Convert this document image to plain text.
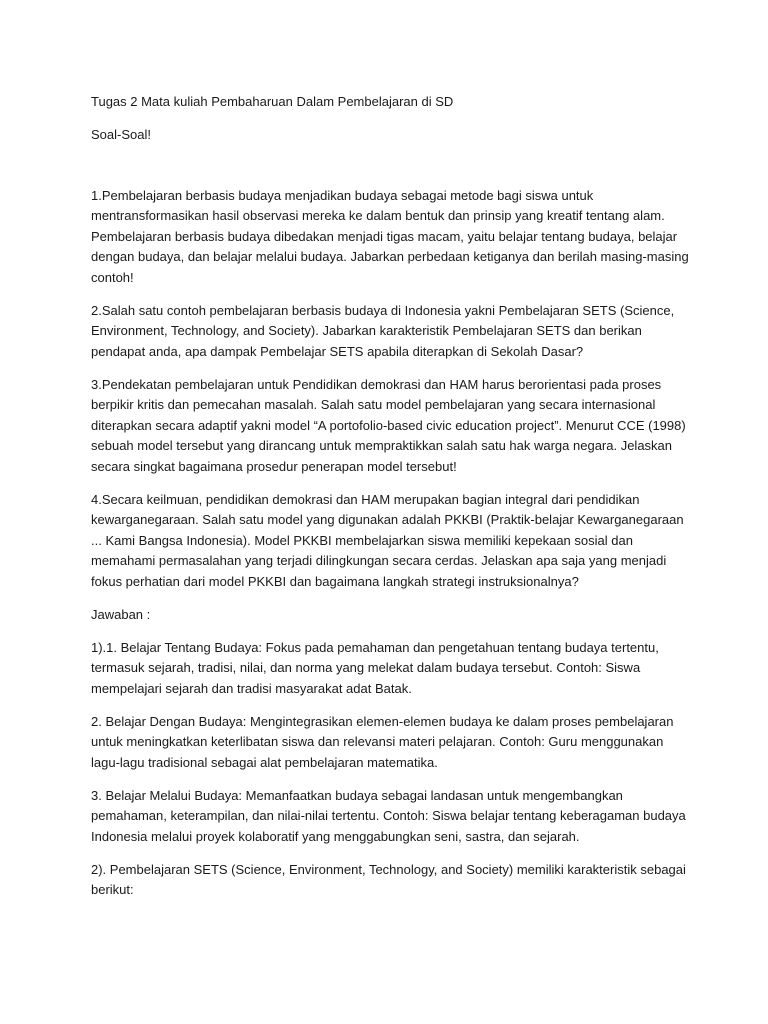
Tugas 2 Mata kuliah Pembaharuan Dalam Pembelajaran di SD

Soal-Soal!

1.Pembelajaran berbasis budaya menjadikan budaya sebagai metode bagi siswa untuk mentransformasikan hasil observasi mereka ke dalam bentuk dan prinsip yang kreatif tentang alam. Pembelajaran berbasis budaya dibedakan menjadi tigas macam, yaitu belajar tentang budaya, belajar dengan budaya, dan belajar melalui budaya. Jabarkan perbedaan ketiganya dan berilah masing-masing contoh!

2.Salah satu contoh pembelajaran berbasis budaya di Indonesia yakni Pembelajaran SETS (Science, Environment, Technology, and Society). Jabarkan karakteristik Pembelajaran SETS dan berikan pendapat anda, apa dampak Pembelajar SETS apabila diterapkan di Sekolah Dasar?

3.Pendekatan pembelajaran untuk Pendidikan demokrasi dan HAM harus berorientasi pada proses berpikir kritis dan pemecahan masalah. Salah satu model pembelajaran yang secara internasional diterapkan secara adaptif yakni model “A portofolio-based civic education project”. Menurut CCE (1998) sebuah model tersebut yang dirancang untuk mempraktikkan salah satu hak warga negara. Jelaskan secara singkat bagaimana prosedur penerapan model tersebut!

4.Secara keilmuan, pendidikan demokrasi dan HAM merupakan bagian integral dari pendidikan kewarganegaraan. Salah satu model yang digunakan adalah PKKBI (Praktik-belajar Kewarganegaraan ... Kami Bangsa Indonesia). Model PKKBI membelajarkan siswa memiliki kepekaan sosial dan memahami permasalahan yang terjadi dilingkungan secara cerdas. Jelaskan apa saja yang menjadi fokus perhatian dari model PKKBI dan bagaimana langkah strategi instruksionalnya?

Jawaban :

1).1. Belajar Tentang Budaya: Fokus pada pemahaman dan pengetahuan tentang budaya tertentu, termasuk sejarah, tradisi, nilai, dan norma yang melekat dalam budaya tersebut. Contoh: Siswa mempelajari sejarah dan tradisi masyarakat adat Batak.

2. Belajar Dengan Budaya: Mengintegrasikan elemen-elemen budaya ke dalam proses pembelajaran untuk meningkatkan keterlibatan siswa dan relevansi materi pelajaran. Contoh: Guru menggunakan lagu-lagu tradisional sebagai alat pembelajaran matematika.

3. Belajar Melalui Budaya: Memanfaatkan budaya sebagai landasan untuk mengembangkan pemahaman, keterampilan, dan nilai-nilai tertentu. Contoh: Siswa belajar tentang keberagaman budaya Indonesia melalui proyek kolaboratif yang menggabungkan seni, sastra, dan sejarah.

2). Pembelajaran SETS (Science, Environment, Technology, and Society) memiliki karakteristik sebagai berikut:
